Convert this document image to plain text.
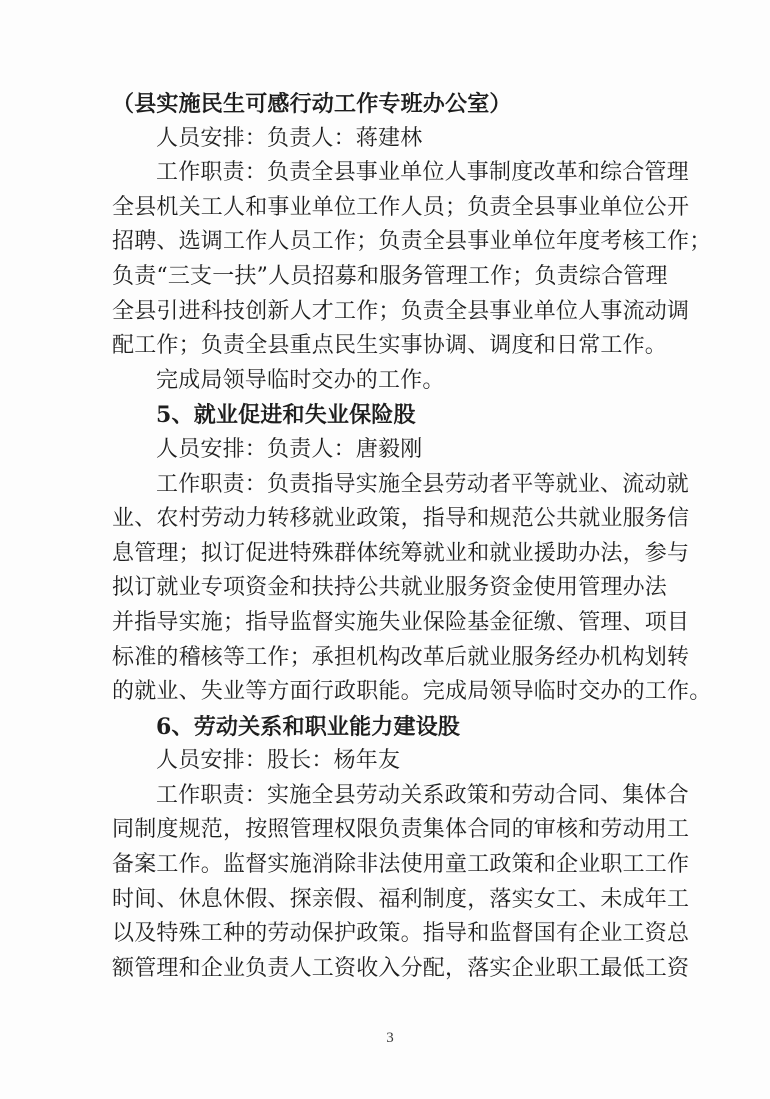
（县实施民生可感行动工作专班办公室）
人员安排：负责人：蒋建林
工作职责：负责全县事业单位人事制度改革和综合管理
全县机关工人和事业单位工作人员；负责全县事业单位公开
招聘、选调工作人员工作；负责全县事业单位年度考核工作；
负责“三支一扶”人员招募和服务管理工作；负责综合管理
全县引进科技创新人才工作；负责全县事业单位人事流动调
配工作；负责全县重点民生实事协调、调度和日常工作。
完成局领导临时交办的工作。
5、就业促进和失业保险股
人员安排：负责人：唐毅刚
工作职责：负责指导实施全县劳动者平等就业、流动就
业、农村劳动力转移就业政策，指导和规范公共就业服务信
息管理；拟订促进特殊群体统筹就业和就业援助办法，参与
拟订就业专项资金和扶持公共就业服务资金使用管理办法
并指导实施；指导监督实施失业保险基金征缴、管理、项目
标准的稽核等工作；承担机构改革后就业服务经办机构划转
的就业、失业等方面行政职能。完成局领导临时交办的工作。
6、劳动关系和职业能力建设股
人员安排：股长：杨年友
工作职责：实施全县劳动关系政策和劳动合同、集体合
同制度规范，按照管理权限负责集体合同的审核和劳动用工
备案工作。监督实施消除非法使用童工政策和企业职工工作
时间、休息休假、探亲假、福利制度，落实女工、未成年工
以及特殊工种的劳动保护政策。指导和监督国有企业工资总
额管理和企业负责人工资收入分配，落实企业职工最低工资
3
